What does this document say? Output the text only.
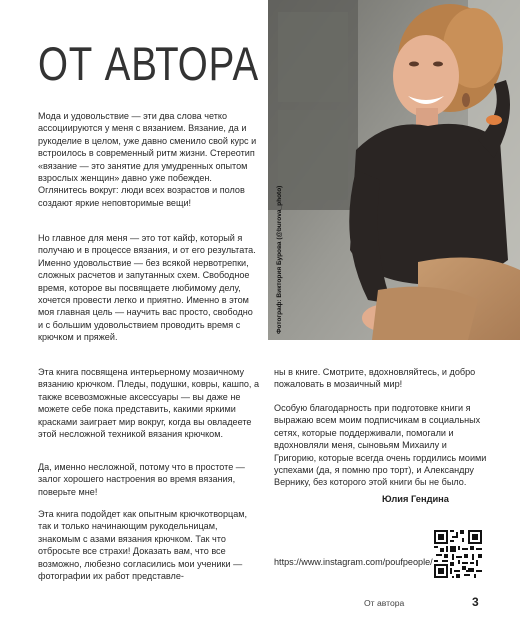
ОТ АВТОРА
Фотограф: Виктория Бурова (@burova_photo)

Мода и удовольствие — эти два слова четко ассоциируются у меня с вязанием. Вязание, да и рукоделие в целом, уже давно сменило свой курс и встроилось в современный ритм жизни. Стереотип «вязание — это занятие для умудренных опытом взрослых женщин» давно уже побежден. Оглянитесь вокруг: люди всех возрастов и полов создают яркие неповторимые вещи!

Но главное для меня — это тот кайф, который я получаю и в процессе вязания, и от его результата. Именно удовольствие — без всякой нервотрепки, сложных расчетов и запутанных схем. Свободное время, которое вы посвящаете любимому делу, хочется провести легко и приятно. Именно в этом моя главная цель — научить вас просто, свободно и с большим удовольствием проводить время с крючком и пряжей.

Эта книга посвящена интерьерному мозаичному вязанию крючком. Пледы, подушки, ковры, кашпо, а также всевозможные аксессуары — вы даже не можете себе пока представить, какими яркими красками заиграет мир вокруг, когда вы овладеете этой несложной техникой вязания крючком.

Да, именно несложной, потому что в простоте — залог хорошего настроения во время вязания, поверьте мне!

Эта книга подойдет как опытным крючкотворцам, так и только начинающим рукодельницам, знакомым с азами вязания крючком. Так что отбросьте все страхи! Доказать вам, что все возможно, любезно согласились мои ученики — фотографии их работ представле-

ны в книге. Смотрите, вдохновляйтесь, и добро пожаловать в мозаичный мир!

Особую благодарность при подготовке книги я выражаю всем моим подписчикам в социальных сетях, которые поддерживали, помогали и вдохновляли меня, сыновьям Михаилу и Григорию, которые всегда очень гордились моими успехами (да, я помню про торт), и Александру Вернику, без которого этой книги бы не было.

Юлия Гендина
https://www.instagram.com/poufpeople/
От автора	3
